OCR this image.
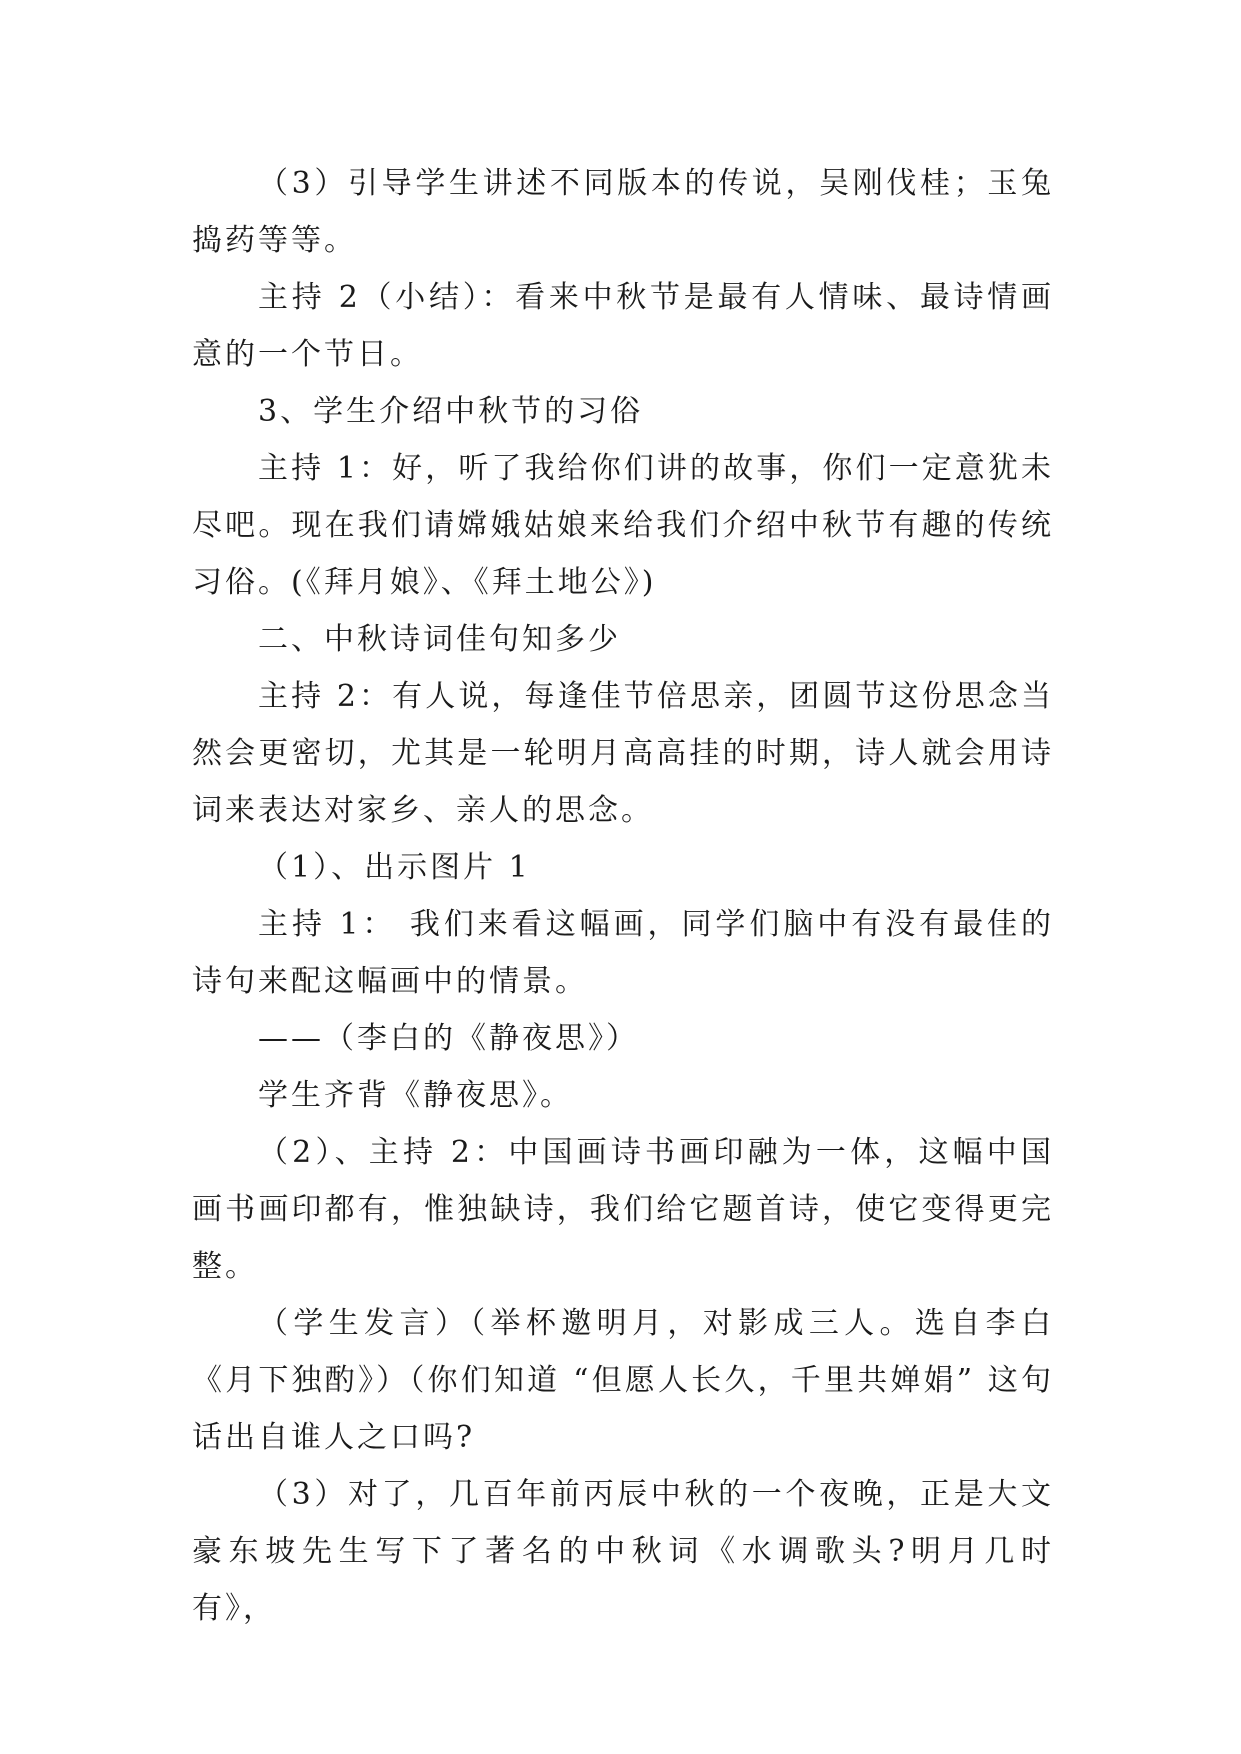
（3）引导学生讲述不同版本的传说，吴刚伐桂；玉兔捣药等等。

主持 2（小结）：看来中秋节是最有人情味、最诗情画意的一个节日。

3、学生介绍中秋节的习俗

主持 1：好，听了我给你们讲的故事，你们一定意犹未尽吧。现在我们请嫦娥姑娘来给我们介绍中秋节有趣的传统习俗。(《拜月娘》、《拜土地公》)

二、中秋诗词佳句知多少

主持 2：有人说，每逢佳节倍思亲，团圆节这份思念当然会更密切，尤其是一轮明月高高挂的时期，诗人就会用诗词来表达对家乡、亲人的思念。

（1）、出示图片 1

主持 1： 我们来看这幅画，同学们脑中有没有最佳的诗句来配这幅画中的情景。

——（李白的《静夜思》）

学生齐背《静夜思》。

（2）、主持 2：中国画诗书画印融为一体，这幅中国画书画印都有，惟独缺诗，我们给它题首诗，使它变得更完整。

（学生发言）（举杯邀明月，对影成三人。选自李白《月下独酌》）（你们知道 “但愿人长久，千里共婵娟” 这句话出自谁人之口吗?

（3）对了，几百年前丙辰中秋的一个夜晚，正是大文豪东坡先生写下了著名的中秋词《水调歌头?明月几时有》，
